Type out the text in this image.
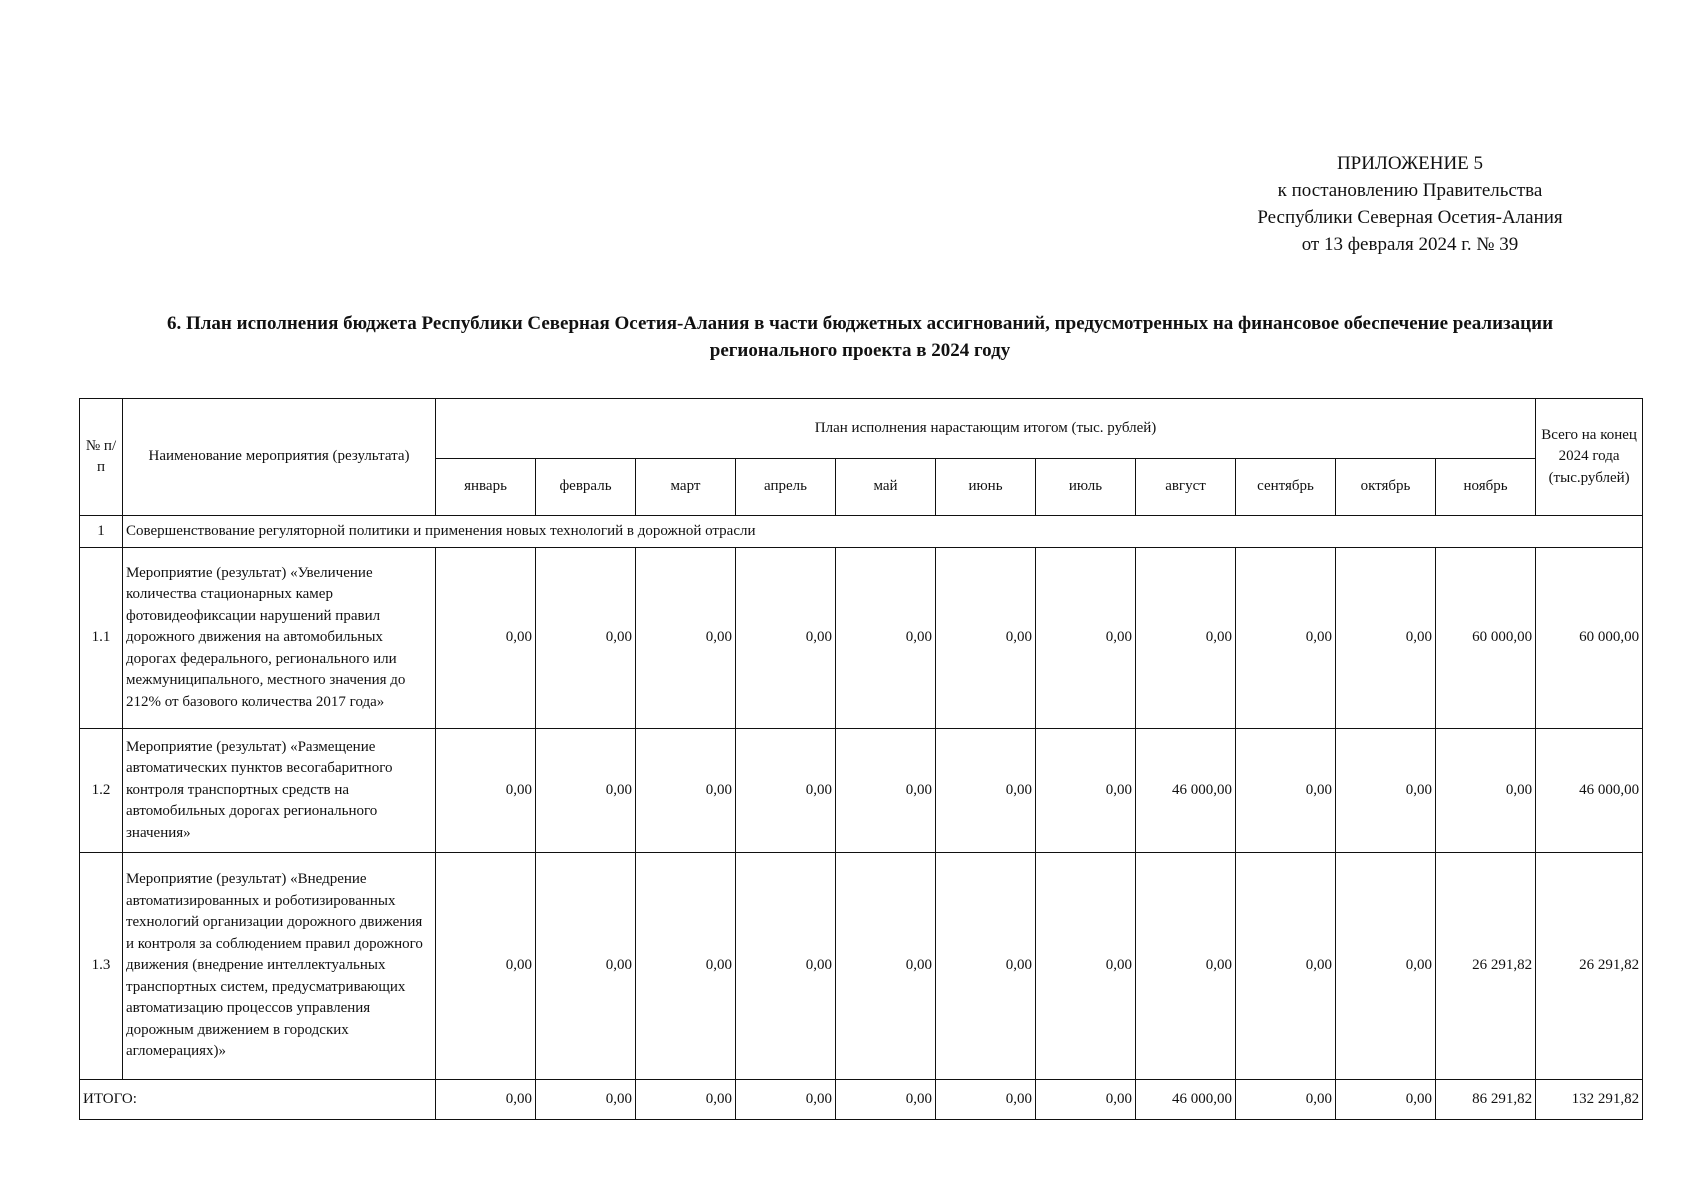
ПРИЛОЖЕНИЕ 5
к постановлению Правительства
Республики Северная Осетия-Алания
от 13 февраля 2024 г. № 39
6. План исполнения бюджета Республики Северная Осетия-Алания в части бюджетных ассигнований, предусмотренных на финансовое обеспечение реализации
регионального проекта в 2024 году
№ п/п	Наименование мероприятия (результата)	План исполнения нарастающим итогом (тыс. рублей)											Всего на конец 2024 года (тыс.рублей)
		январь	февраль	март	апрель	май	июнь	июль	август	сентябрь	октябрь	ноябрь	
1	Совершенствование регуляторной политики и применения новых технологий в дорожной отрасли												
1.1	Мероприятие (результат) «Увеличение количества стационарных камер фотовидеофиксации нарушений правил дорожного движения на автомобильных дорогах федерального, регионального или межмуниципального, местного значения до 212% от базового количества 2017 года»	0,00	0,00	0,00	0,00	0,00	0,00	0,00	0,00	0,00	0,00	60 000,00	60 000,00
1.2	Мероприятие (результат) «Размещение автоматических пунктов весогабаритного контроля транспортных средств на автомобильных дорогах регионального значения»	0,00	0,00	0,00	0,00	0,00	0,00	0,00	46 000,00	0,00	0,00	0,00	46 000,00
1.3	Мероприятие (результат) «Внедрение автоматизированных и роботизированных технологий организации дорожного движения и контроля за соблюдением правил дорожного движения (внедрение интеллектуальных транспортных систем, предусматривающих автоматизацию процессов управления дорожным движением в городских агломерациях)»	0,00	0,00	0,00	0,00	0,00	0,00	0,00	0,00	0,00	0,00	26 291,82	26 291,82
ИТОГО:		0,00	0,00	0,00	0,00	0,00	0,00	0,00	46 000,00	0,00	0,00	86 291,82	132 291,82
